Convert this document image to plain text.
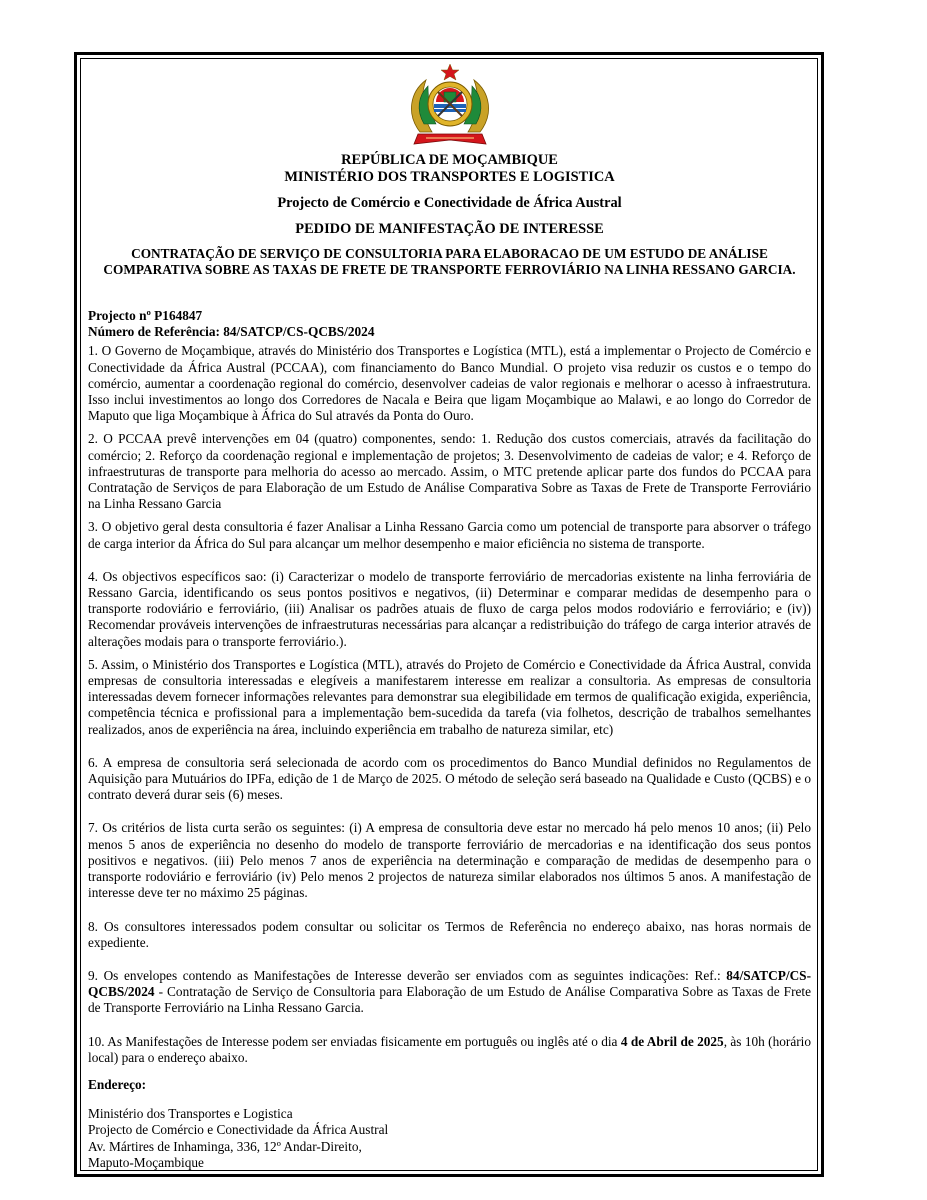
REPÚBLICA DE MOÇAMBIQUE
MINISTÉRIO DOS TRANSPORTES E LOGISTICA
Projecto de Comércio e Conectividade de África Austral
PEDIDO DE MANIFESTAÇÃO DE INTERESSE
CONTRATAÇÃO DE SERVIÇO DE CONSULTORIA PARA ELABORACAO DE UM ESTUDO DE ANÁLISE
COMPARATIVA SOBRE AS TAXAS DE FRETE DE TRANSPORTE FERROVIÁRIO NA LINHA RESSANO GARCIA.
Projecto nº P164847
Número de Referência: 84/SATCP/CS-QCBS/2024

1. O Governo de Moçambique, através do Ministério dos Transportes e Logística (MTL), está a implementar o Projecto de Comércio e Conectividade da África Austral (PCCAA), com financiamento do Banco Mundial. O projeto visa reduzir os custos e o tempo do comércio, aumentar a coordenação regional do comércio, desenvolver cadeias de valor regionais e melhorar o acesso à infraestrutura. Isso inclui investimentos ao longo dos Corredores de Nacala e Beira que ligam Moçambique ao Malawi, e ao longo do Corredor de Maputo que liga Moçambique à África do Sul através da Ponta do Ouro.

2. O PCCAA prevê intervenções em 04 (quatro) componentes, sendo: 1. Redução dos custos comerciais, através da facilitação do comércio; 2. Reforço da coordenação regional e implementação de projetos; 3. Desenvolvimento de cadeias de valor; e 4. Reforço de infraestruturas de transporte para melhoria do acesso ao mercado. Assim, o MTC pretende aplicar parte dos fundos do PCCAA para Contratação de Serviços de para Elaboração de um Estudo de Análise Comparativa Sobre as Taxas de Frete de Transporte Ferroviário na Linha Ressano Garcia

3. O objetivo geral desta consultoria é fazer Analisar a Linha Ressano Garcia como um potencial de transporte para absorver o tráfego de carga interior da África do Sul para alcançar um melhor desempenho e maior eficiência no sistema de transporte.

4. Os objectivos específicos sao: (i) Caracterizar o modelo de transporte ferroviário de mercadorias existente na linha ferroviária de Ressano Garcia, identificando os seus pontos positivos e negativos, (ii) Determinar e comparar medidas de desempenho para o transporte rodoviário e ferroviário, (iii) Analisar os padrões atuais de fluxo de carga pelos modos rodoviário e ferroviário; e (iv)) Recomendar prováveis intervenções de infraestruturas necessárias para alcançar a redistribuição do tráfego de carga interior através de alterações modais para o transporte ferroviário.).

5. Assim, o Ministério dos Transportes e Logística (MTL), através do Projeto de Comércio e Conectividade da África Austral, convida empresas de consultoria interessadas e elegíveis a manifestarem interesse em realizar a consultoria. As empresas de consultoria interessadas devem fornecer informações relevantes para demonstrar sua elegibilidade em termos de qualificação exigida, experiência, competência técnica e profissional para a implementação bem-sucedida da tarefa (via folhetos, descrição de trabalhos semelhantes realizados, anos de experiência na área, incluindo experiência em trabalho de natureza similar, etc)

6. A empresa de consultoria será selecionada de acordo com os procedimentos do Banco Mundial definidos no Regulamentos de Aquisição para Mutuários do IPFa, edição de 1 de Março de 2025. O método de seleção será baseado na Qualidade e Custo (QCBS) e o contrato deverá durar seis (6) meses.

7. Os critérios de lista curta serão os seguintes: (i) A empresa de consultoria deve estar no mercado há pelo menos 10 anos; (ii) Pelo menos 5 anos de experiência no desenho do modelo de transporte ferroviário de mercadorias e na identificação dos seus pontos positivos e negativos. (iii) Pelo menos 7 anos de experiência na determinação e comparação de medidas de desempenho para o transporte rodoviário e ferroviário (iv) Pelo menos 2 projectos de natureza similar elaborados nos últimos 5 anos. A manifestação de interesse deve ter no máximo 25 páginas.

8. Os consultores interessados podem consultar ou solicitar os Termos de Referência no endereço abaixo, nas horas normais de expediente.

9. Os envelopes contendo as Manifestações de Interesse deverão ser enviados com as seguintes indicações: Ref.: 84/SATCP/CS-QCBS/2024 - Contratação de Serviço de Consultoria para Elaboração de um Estudo de Análise Comparativa Sobre as Taxas de Frete de Transporte Ferroviário na Linha Ressano Garcia.

10. As Manifestações de Interesse podem ser enviadas fisicamente em português ou inglês até o dia 4 de Abril de 2025, às 10h (horário local) para o endereço abaixo.

Endereço:
Ministério dos Transportes e Logistica
Projecto de Comércio e Conectividade da África Austral
Av. Mártires de Inhaminga, 336, 12º Andar-Direito,
Maputo-Moçambique
